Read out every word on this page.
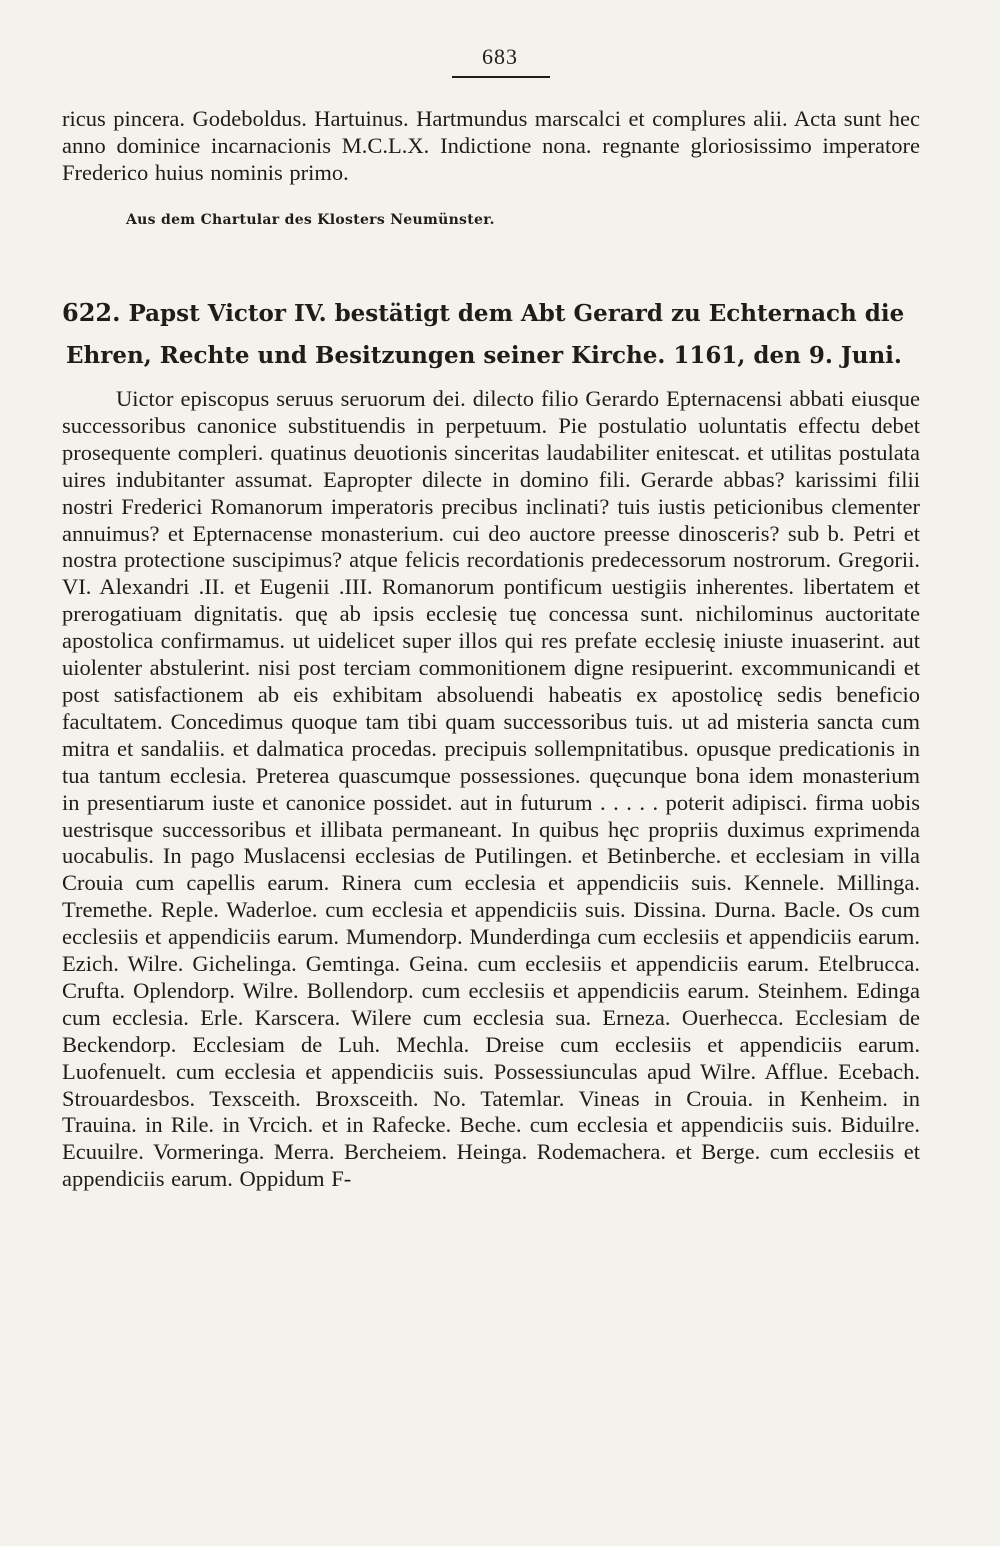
683
ricus pincera. Godeboldus. Hartuinus. Hartmundus marscalci et complures alii. Acta sunt hec anno dominice incarnacionis M.C.L.X. Indictione nona. regnante gloriosissimo imperatore Frederico huius nominis primo.
Aus dem Chartular des Klosters Neumünster.
622. Papst Victor IV. bestätigt dem Abt Gerard zu Echternach die
Ehren, Rechte und Besitzungen seiner Kirche. 1161, den 9. Juni.

Uictor episcopus seruus seruorum dei. dilecto filio Gerardo Epternacensi abbati eiusque successoribus canonice substituendis in perpetuum. Pie postulatio uoluntatis effectu debet prosequente compleri. quatinus deuotionis sinceritas laudabiliter enitescat. et utilitas postulata uires indubitanter assumat. Eapropter dilecte in domino fili. Gerarde abbas? karissimi filii nostri Frederici Romanorum imperatoris precibus inclinati? tuis iustis peticionibus clementer annuimus? et Epternacense monasterium. cui deo auctore preesse dinosceris? sub b. Petri et nostra protectione suscipimus? atque felicis recordationis predecessorum nostrorum. Gregorii. VI. Alexandri .II. et Eugenii .III. Romanorum pontificum uestigiis inherentes. libertatem et prerogatiuam dignitatis. quę ab ipsis ecclesię tuę concessa sunt. nichilominus auctoritate apostolica confirmamus. ut uidelicet super illos qui res prefate ecclesię iniuste inuaserint. aut uiolenter abstulerint. nisi post terciam commonitionem digne resipuerint. excommunicandi et post satisfactionem ab eis exhibitam absoluendi habeatis ex apostolicę sedis beneficio facultatem. Concedimus quoque tam tibi quam successoribus tuis. ut ad misteria sancta cum mitra et sandaliis. et dalmatica procedas. precipuis sollempnitatibus. opusque predicationis in tua tantum ecclesia. Preterea quascumque possessiones. quęcunque bona idem monasterium in presentiarum iuste et canonice possidet. aut in futurum . . . . . poterit adipisci. firma uobis uestrisque successoribus et illibata permaneant. In quibus hęc propriis duximus exprimenda uocabulis. In pago Muslacensi ecclesias de Putilingen. et Betinberche. et ecclesiam in villa Crouia cum capellis earum. Rinera cum ecclesia et appendiciis suis. Kennele. Millinga. Tremethe. Reple. Waderloe. cum ecclesia et appendiciis suis. Dissina. Durna. Bacle. Os cum ecclesiis et appendiciis earum. Mumendorp. Munderdinga cum ecclesiis et appendiciis earum. Ezich. Wilre. Gichelinga. Gemtinga. Geina. cum ecclesiis et appendiciis earum. Etelbrucca. Crufta. Oplendorp. Wilre. Bollendorp. cum ecclesiis et appendiciis earum. Steinhem. Edinga cum ecclesia. Erle. Karscera. Wilere cum ecclesia sua. Erneza. Ouerhecca. Ecclesiam de Beckendorp. Ecclesiam de Luh. Mechla. Dreise cum ecclesiis et appendiciis earum. Luofenuelt. cum ecclesia et appendiciis suis. Possessiunculas apud Wilre. Afflue. Ecebach. Strouardesbos. Texsceith. Broxsceith. No. Tatemlar. Vineas in Crouia. in Kenheim. in Trauina. in Rile. in Vrcich. et in Rafecke. Beche. cum ecclesia et appendiciis suis. Biduilre. Ecuuilre. Vormeringa. Merra. Bercheiem. Heinga. Rodemachera. et Berge. cum ecclesiis et appendiciis earum. Oppidum F-
